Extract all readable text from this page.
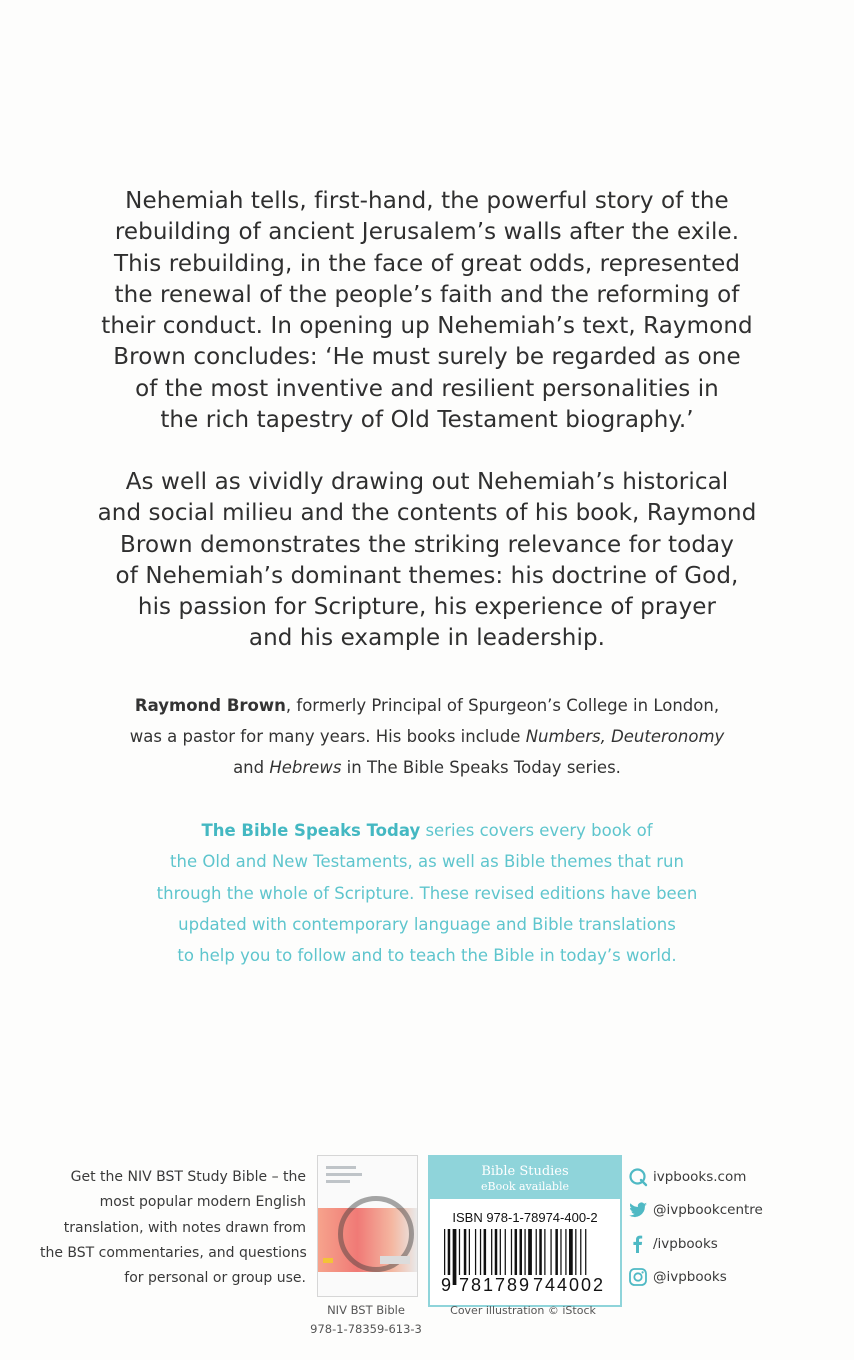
Nehemiah tells, first-hand, the powerful story of the
rebuilding of ancient Jerusalem’s walls after the exile.
This rebuilding, in the face of great odds, represented
the renewal of the people’s faith and the reforming of
their conduct. In opening up Nehemiah’s text, Raymond
Brown concludes: ‘He must surely be regarded as one
of the most inventive and resilient personalities in
the rich tapestry of Old Testament biography.’
As well as vividly drawing out Nehemiah’s historical
and social milieu and the contents of his book, Raymond
Brown demonstrates the striking relevance for today
of Nehemiah’s dominant themes: his doctrine of God,
his passion for Scripture, his experience of prayer
and his example in leadership.
Raymond Brown, formerly Principal of Spurgeon’s College in London,
was a pastor for many years. His books include Numbers, Deuteronomy
and Hebrews in The Bible Speaks Today series.
The Bible Speaks Today series covers every book of
the Old and New Testaments, as well as Bible themes that run
through the whole of Scripture. These revised editions have been
updated with contemporary language and Bible translations
to help you to follow and to teach the Bible in today’s world.
Get the NIV BST Study Bible – the
most popular modern English
translation, with notes drawn from
the BST commentaries, and questions
for personal or group use.
NIV BST Bible
978-1-78359-613-3
Bible Studies
eBook available
ISBN 978-1-78974-400-2
9 781789 744002
Cover illustration © iStock
ivpbooks.com
@ivpbookcentre
/ivpbooks
@ivpbooks
